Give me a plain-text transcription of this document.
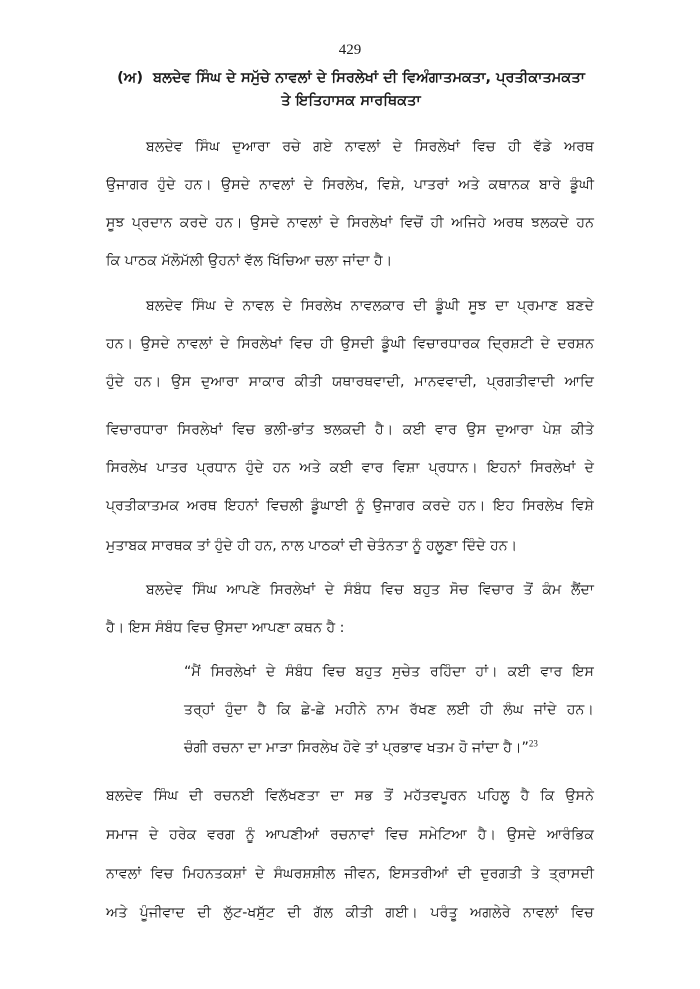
429
(ਅ) ਬਲਦੇਵ ਸਿੰਘ ਦੇ ਸਮੁੱਚੇ ਨਾਵਲਾਂ ਦੇ ਸਿਰਲੇਖਾਂ ਦੀ ਵਿਅੰਗਾਤਮਕਤਾ, ਪ੍ਰਤੀਕਾਤਮਕਤਾ
ਤੇ ਇਤਿਹਾਸਕ ਸਾਰਥਿਕਤਾ
ਬਲਦੇਵ ਸਿੰਘ ਦੁਆਰਾ ਰਚੇ ਗਏ ਨਾਵਲਾਂ ਦੇ ਸਿਰਲੇਖਾਂ ਵਿਚ ਹੀ ਵੱਡੇ ਅਰਥ
ਉਜਾਗਰ ਹੁੰਦੇ ਹਨ। ਉਸਦੇ ਨਾਵਲਾਂ ਦੇ ਸਿਰਲੇਖ, ਵਿਸ਼ੇ, ਪਾਤਰਾਂ ਅਤੇ ਕਥਾਨਕ ਬਾਰੇ ਡੂੰਘੀ
ਸੂਝ ਪ੍ਰਦਾਨ ਕਰਦੇ ਹਨ। ਉਸਦੇ ਨਾਵਲਾਂ ਦੇ ਸਿਰਲੇਖਾਂ ਵਿਚੋਂ ਹੀ ਅਜਿਹੇ ਅਰਥ ਝਲਕਦੇ ਹਨ
ਕਿ ਪਾਠਕ ਮੱਲੋਮੱਲੀ ਉਹਨਾਂ ਵੱਲ ਖਿੱਚਿਆ ਚਲਾ ਜਾਂਦਾ ਹੈ।
ਬਲਦੇਵ ਸਿੰਘ ਦੇ ਨਾਵਲ ਦੇ ਸਿਰਲੇਖ ਨਾਵਲਕਾਰ ਦੀ ਡੂੰਘੀ ਸੂਝ ਦਾ ਪ੍ਰਮਾਣ ਬਣਦੇ
ਹਨ। ਉਸਦੇ ਨਾਵਲਾਂ ਦੇ ਸਿਰਲੇਖਾਂ ਵਿਚ ਹੀ ਉਸਦੀ ਡੂੰਘੀ ਵਿਚਾਰਧਾਰਕ ਦ੍ਰਿਸ਼ਟੀ ਦੇ ਦਰਸ਼ਨ
ਹੁੰਦੇ ਹਨ। ਉਸ ਦੁਆਰਾ ਸਾਕਾਰ ਕੀਤੀ ਯਥਾਰਥਵਾਦੀ, ਮਾਨਵਵਾਦੀ, ਪ੍ਰਗਤੀਵਾਦੀ ਆਦਿ
ਵਿਚਾਰਧਾਰਾ ਸਿਰਲੇਖਾਂ ਵਿਚ ਭਲੀ-ਭਾਂਤ ਝਲਕਦੀ ਹੈ। ਕਈ ਵਾਰ ਉਸ ਦੁਆਰਾ ਪੇਸ਼ ਕੀਤੇ
ਸਿਰਲੇਖ ਪਾਤਰ ਪ੍ਰਧਾਨ ਹੁੰਦੇ ਹਨ ਅਤੇ ਕਈ ਵਾਰ ਵਿਸ਼ਾ ਪ੍ਰਧਾਨ। ਇਹਨਾਂ ਸਿਰਲੇਖਾਂ ਦੇ
ਪ੍ਰਤੀਕਾਤਮਕ ਅਰਥ ਇਹਨਾਂ ਵਿਚਲੀ ਡੂੰਘਾਈ ਨੂੰ ਉਜਾਗਰ ਕਰਦੇ ਹਨ। ਇਹ ਸਿਰਲੇਖ ਵਿਸ਼ੇ
ਮੁਤਾਬਕ ਸਾਰਥਕ ਤਾਂ ਹੁੰਦੇ ਹੀ ਹਨ, ਨਾਲ ਪਾਠਕਾਂ ਦੀ ਚੇਤੰਨਤਾ ਨੂੰ ਹਲੂਣਾ ਦਿੰਦੇ ਹਨ।
ਬਲਦੇਵ ਸਿੰਘ ਆਪਣੇ ਸਿਰਲੇਖਾਂ ਦੇ ਸੰਬੰਧ ਵਿਚ ਬਹੁਤ ਸੋਚ ਵਿਚਾਰ ਤੋਂ ਕੰਮ ਲੈਂਦਾ
ਹੈ। ਇਸ ਸੰਬੰਧ ਵਿਚ ਉਸਦਾ ਆਪਣਾ ਕਥਨ ਹੈ :
“ਮੈਂ ਸਿਰਲੇਖਾਂ ਦੇ ਸੰਬੰਧ ਵਿਚ ਬਹੁਤ ਸੁਚੇਤ ਰਹਿੰਦਾ ਹਾਂ। ਕਈ ਵਾਰ ਇਸ
ਤਰ੍ਹਾਂ ਹੁੰਦਾ ਹੈ ਕਿ ਛੇ-ਛੇ ਮਹੀਨੇ ਨਾਮ ਰੱਖਣ ਲਈ ਹੀ ਲੰਘ ਜਾਂਦੇ ਹਨ।
ਚੰਗੀ ਰਚਨਾ ਦਾ ਮਾੜਾ ਸਿਰਲੇਖ ਹੋਵੇ ਤਾਂ ਪ੍ਰਭਾਵ ਖਤਮ ਹੋ ਜਾਂਦਾ ਹੈ।”$^{23}$
ਬਲਦੇਵ ਸਿੰਘ ਦੀ ਰਚਨਈ ਵਿਲੱਖਣਤਾ ਦਾ ਸਭ ਤੋਂ ਮਹੱਤਵਪੂਰਨ ਪਹਿਲੂ ਹੈ ਕਿ ਉਸਨੇ
ਸਮਾਜ ਦੇ ਹਰੇਕ ਵਰਗ ਨੂੰ ਆਪਣੀਆਂ ਰਚਨਾਵਾਂ ਵਿਚ ਸਮੇਟਿਆ ਹੈ। ਉਸਦੇ ਆਰੰਭਿਕ
ਨਾਵਲਾਂ ਵਿਚ ਮਿਹਨਤਕਸ਼ਾਂ ਦੇ ਸੰਘਰਸ਼ਸ਼ੀਲ ਜੀਵਨ, ਇਸਤਰੀਆਂ ਦੀ ਦੁਰਗਤੀ ਤੇ ਤ੍ਰਾਸਦੀ
ਅਤੇ ਪੂੰਜੀਵਾਦ ਦੀ ਲੁੱਟ-ਖਸੁੱਟ ਦੀ ਗੱਲ ਕੀਤੀ ਗਈ। ਪਰੰਤੂ ਅਗਲੇਰੇ ਨਾਵਲਾਂ ਵਿਚ
